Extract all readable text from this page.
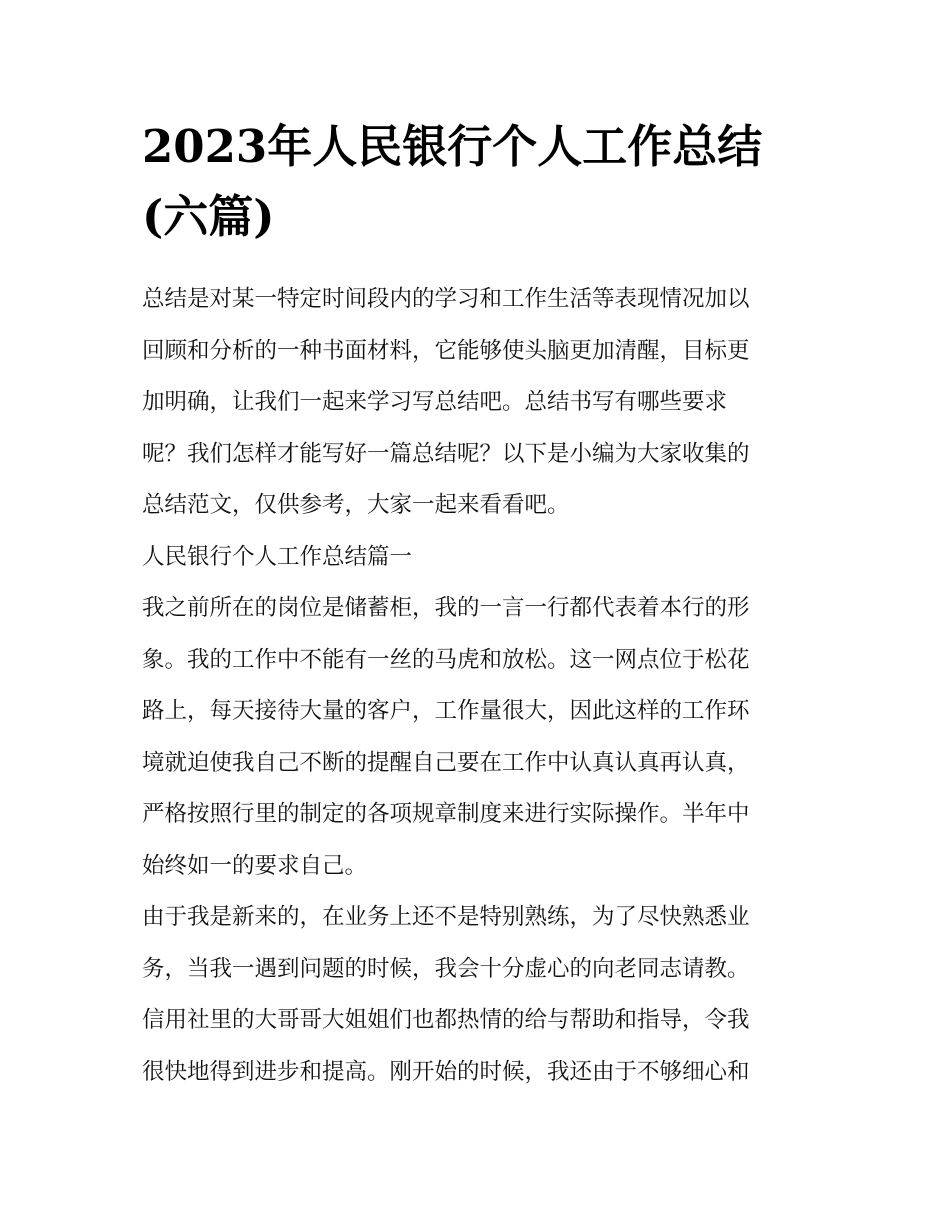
2023年人民银行个人工作总结
(六篇)

总结是对某一特定时间段内的学习和工作生活等表现情况加以
回顾和分析的一种书面材料，它能够使头脑更加清醒，目标更
加明确，让我们一起来学习写总结吧。总结书写有哪些要求
呢？我们怎样才能写好一篇总结呢？以下是小编为大家收集的
总结范文，仅供参考，大家一起来看看吧。

人民银行个人工作总结篇一

我之前所在的岗位是储蓄柜，我的一言一行都代表着本行的形
象。我的工作中不能有一丝的马虎和放松。这一网点位于松花
路上，每天接待大量的客户，工作量很大，因此这样的工作环
境就迫使我自己不断的提醒自己要在工作中认真认真再认真，
严格按照行里的制定的各项规章制度来进行实际操作。半年中
始终如一的要求自己。

由于我是新来的，在业务上还不是特别熟练，为了尽快熟悉业
务，当我一遇到问题的时候，我会十分虚心的向老同志请教。
信用社里的大哥哥大姐姐们也都热情的给与帮助和指导，令我
很快地得到进步和提高。刚开始的时候，我还由于不够细心和
